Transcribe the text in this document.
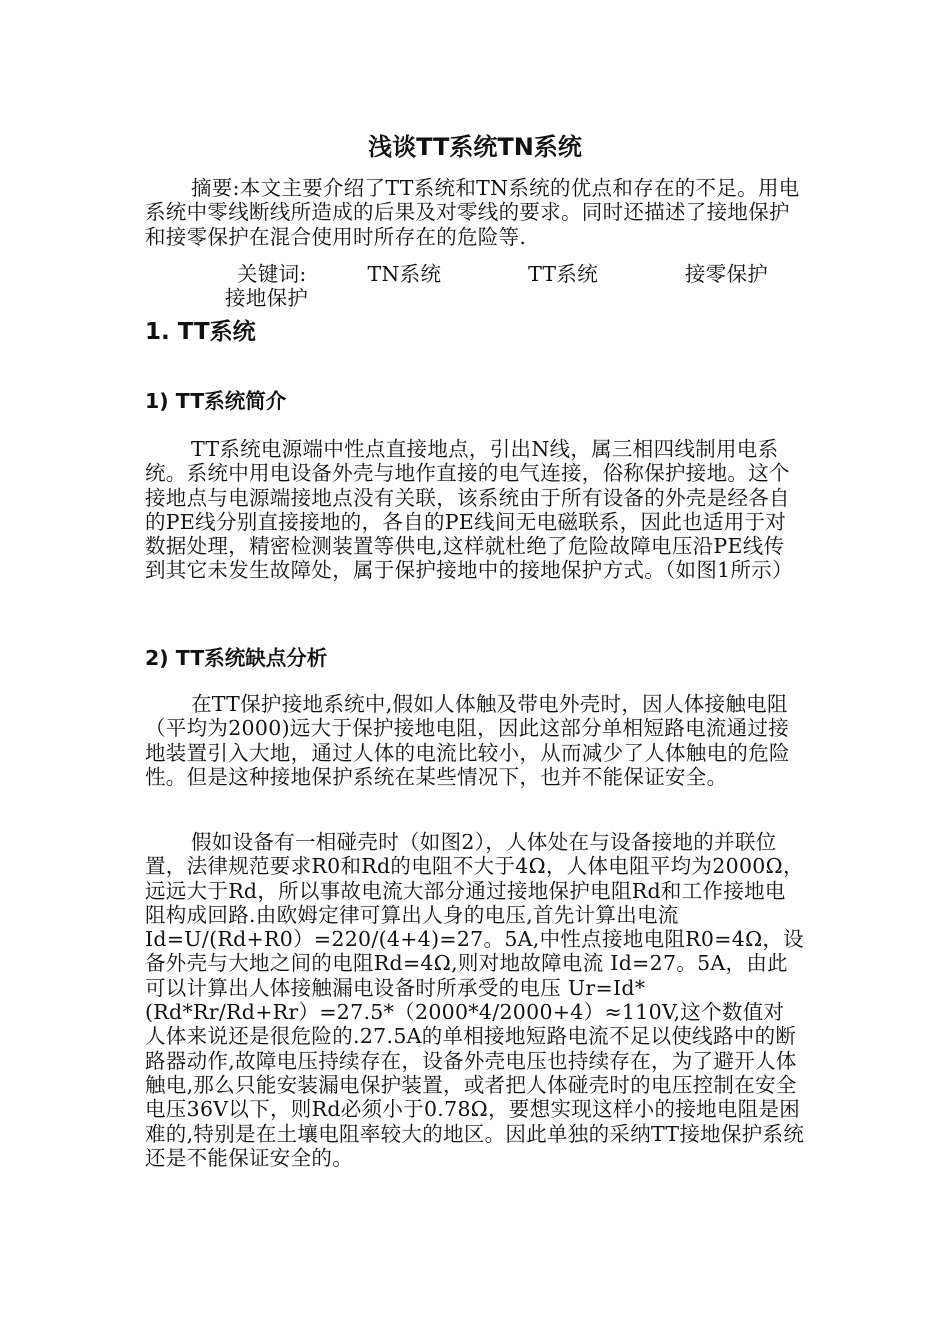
浅谈TT系统TN系统
摘要:本文主要介绍了TT系统和TN系统的优点和存在的不足。用电系统中零线断线所造成的后果及对零线的要求。同时还描述了接地保护和接零保护在混合使用时所存在的危险等.
关键词:	TN系统	TT系统	接零保护 接地保护
1. TT系统
1) TT系统简介
TT系统电源端中性点直接地点，引出N线，属三相四线制用电系统。系统中用电设备外壳与地作直接的电气连接，俗称保护接地。这个接地点与电源端接地点没有关联，该系统由于所有设备的外壳是经各自的PE线分别直接接地的，各自的PE线间无电磁联系，因此也适用于对数据处理，精密检测装置等供电,这样就杜绝了危险故障电压沿PE线传到其它未发生故障处，属于保护接地中的接地保护方式。（如图1所示）
2) TT系统缺点分析
在TT保护接地系统中,假如人体触及带电外壳时，因人体接触电阻（平均为2000)远大于保护接地电阻，因此这部分单相短路电流通过接地装置引入大地，通过人体的电流比较小，从而减少了人体触电的危险性。但是这种接地保护系统在某些情况下，也并不能保证安全。
假如设备有一相碰壳时（如图2），人体处在与设备接地的并联位置，法律规范要求R0和Rd的电阻不大于4Ω，人体电阻平均为2000Ω，远远大于Rd，所以事故电流大部分通过接地保护电阻Rd和工作接地电阻构成回路.由欧姆定律可算出人身的电压,首先计算出电流 Id=U/(Rd+R0）=220/(4+4)=27。5A,中性点接地电阻R0=4Ω，设备外壳与大地之间的电阻Rd=4Ω,则对地故障电流 Id=27。5A，由此可以计算出人体接触漏电设备时所承受的电压 Ur=Id*(Rd*Rr/Rd+Rr）=27.5*（2000*4/2000+4）≈110V,这个数值对人体来说还是很危险的.27.5A的单相接地短路电流不足以使线路中的断路器动作,故障电压持续存在，设备外壳电压也持续存在，为了避开人体触电,那么只能安装漏电保护装置，或者把人体碰壳时的电压控制在安全电压36V以下，则Rd必须小于0.78Ω，要想实现这样小的接地电阻是困难的,特别是在土壤电阻率较大的地区。因此单独的采纳TT接地保护系统还是不能保证安全的。
